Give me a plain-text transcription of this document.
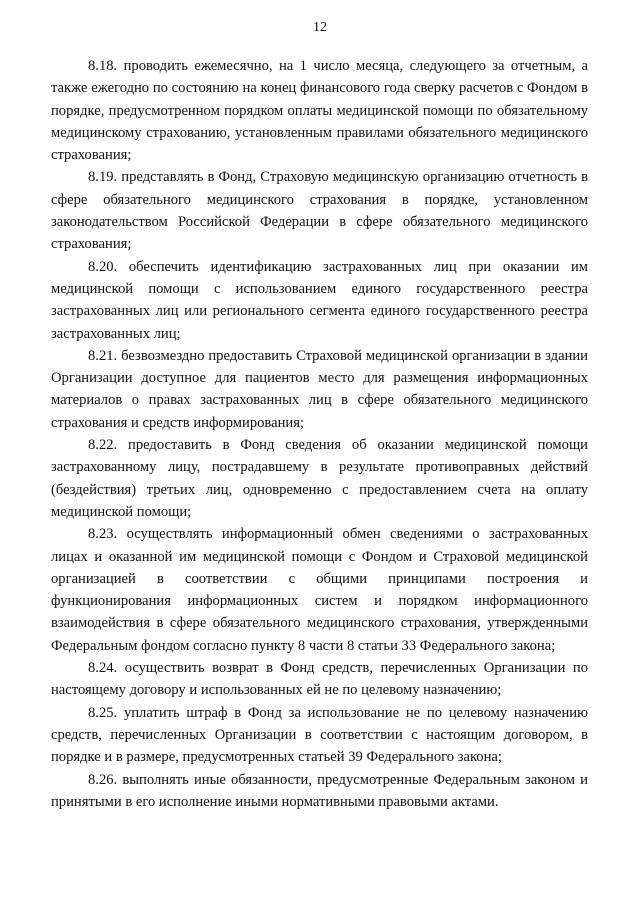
12

8.18. проводить ежемесячно, на 1 число месяца, следующего за отчетным, а также ежегодно по состоянию на конец финансового года сверку расчетов с Фондом в порядке, предусмотренном порядком оплаты медицинской помощи по обязательному медицинскому страхованию, установленным правилами обязательного медицинского страхования;

8.19. представлять в Фонд, Страховую медицинскую организацию отчетность в сфере обязательного медицинского страхования в порядке, установленном законодательством Российской Федерации в сфере обязательного медицинского страхования;

8.20. обеспечить идентификацию застрахованных лиц при оказании им медицинской помощи с использованием единого государственного реестра застрахованных лиц или регионального сегмента единого государственного реестра застрахованных лиц;

8.21. безвозмездно предоставить Страховой медицинской организации в здании Организации доступное для пациентов место для размещения информационных материалов о правах застрахованных лиц в сфере обязательного медицинского страхования и средств информирования;

8.22. предоставить в Фонд сведения об оказании медицинской помощи застрахованному лицу, пострадавшему в результате противоправных действий (бездействия) третьих лиц, одновременно с предоставлением счета на оплату медицинской помощи;

8.23. осуществлять информационный обмен сведениями о застрахованных лицах и оказанной им медицинской помощи с Фондом и Страховой медицинской организацией в соответствии с общими принципами построения и функционирования информационных систем и порядком информационного взаимодействия в сфере обязательного медицинского страхования, утвержденными Федеральным фондом согласно пункту 8 части 8 статьи 33 Федерального закона;

8.24. осуществить возврат в Фонд средств, перечисленных Организации по настоящему договору и использованных ей не по целевому назначению;

8.25. уплатить штраф в Фонд за использование не по целевому назначению средств, перечисленных Организации в соответствии с настоящим договором, в порядке и в размере, предусмотренных статьей 39 Федерального закона;

8.26. выполнять иные обязанности, предусмотренные Федеральным законом и принятыми в его исполнение иными нормативными правовыми актами.
